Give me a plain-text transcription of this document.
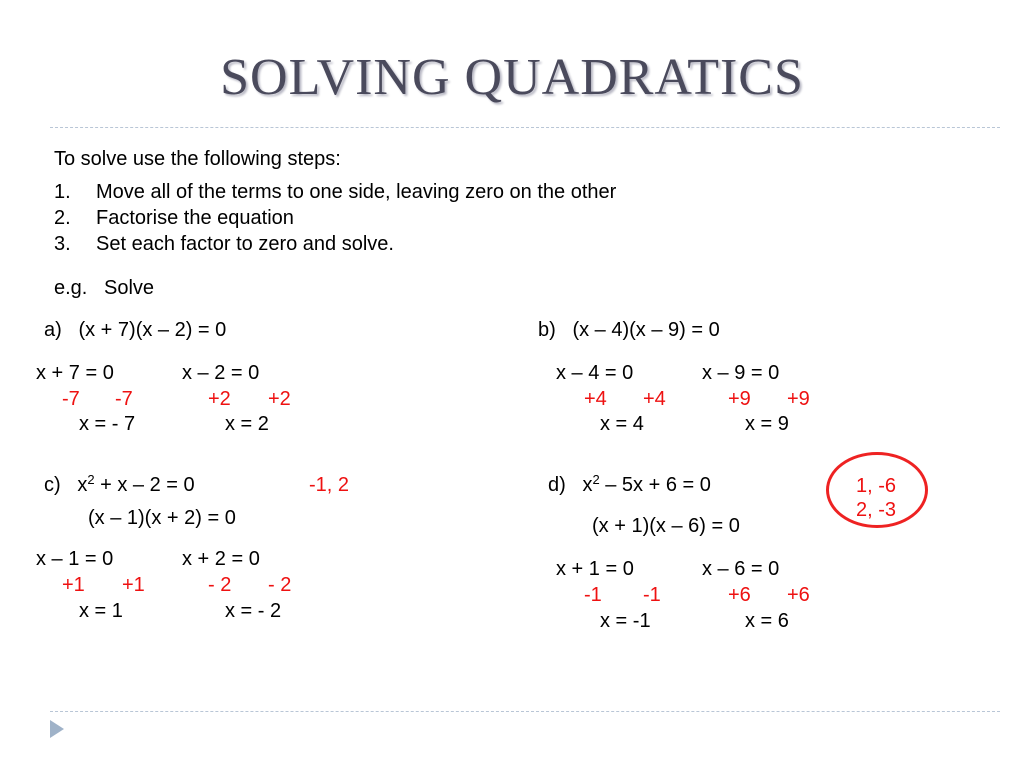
SOLVING QUADRATICS
To solve use the following steps:
1. Move all of the terms to one side, leaving zero on the other
2. Factorise the equation
3. Set each factor to zero and solve.
e.g.   Solve
a)   (x + 7)(x – 2) = 0
x + 7 = 0	x – 2 = 0
-7 -7	+2 +2
x = - 7	x = 2
b)   (x – 4)(x – 9) = 0
x – 4 = 0	x – 9 = 0
+4 +4	+9 +9
x = 4	x = 9
c)   $x^2 + x - 2 = 0$	-1, 2
(x – 1)(x + 2) = 0
x – 1 = 0	x + 2 = 0
+1 +1	- 2 - 2
x = 1	x = - 2
d)   $x^2 - 5x + 6 = 0$	1, -6
2, -3
(x + 1)(x – 6) = 0
x + 1 = 0	x – 6 = 0
-1 -1	+6 +6
x = -1	x = 6
